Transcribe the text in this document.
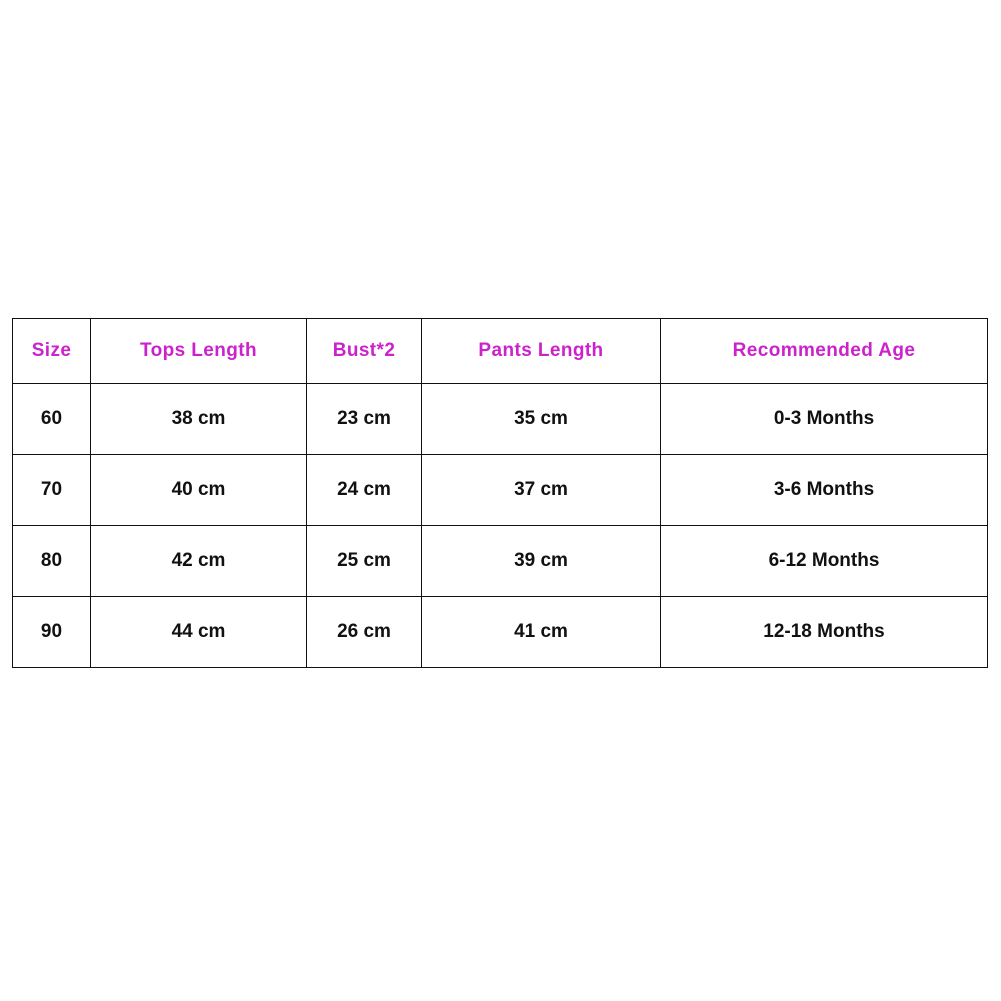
Size	Tops Length	Bust*2	Pants Length	Recommended Age
60	38 cm	23 cm	35 cm	0-3 Months
70	40 cm	24 cm	37 cm	3-6 Months
80	42 cm	25 cm	39 cm	6-12 Months
90	44 cm	26 cm	41 cm	12-18 Months
